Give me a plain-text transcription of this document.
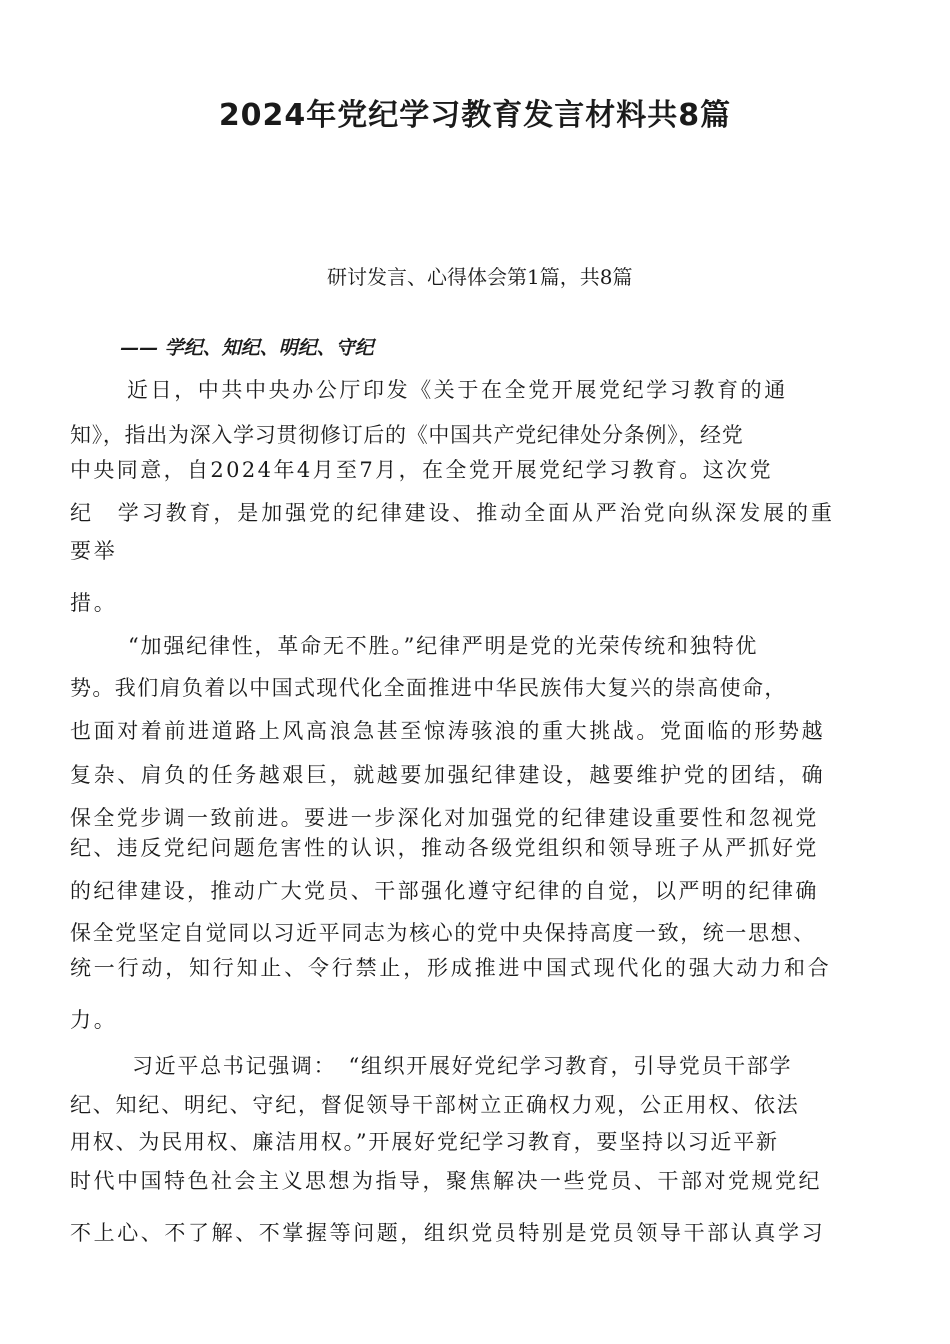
2024年党纪学习教育发言材料共8篇
研讨发言、心得体会第1篇，共8篇
—— 学纪、知纪、明纪、守纪
近日，中共中央办公厅印发《关于在全党开展党纪学习教育的通
知》，指出为深入学习贯彻修订后的《中国共产党纪律处分条例》，经党
中央同意，自2024年4月至7月，在全党开展党纪学习教育。这次党
纪　学习教育，是加强党的纪律建设、推动全面从严治党向纵深发展的重
要举
措。
“加强纪律性，革命无不胜。”纪律严明是党的光荣传统和独特优
势。我们肩负着以中国式现代化全面推进中华民族伟大复兴的崇高使命，
也面对着前进道路上风高浪急甚至惊涛骇浪的重大挑战。党面临的形势越
复杂、肩负的任务越艰巨，就越要加强纪律建设，越要维护党的团结，确
保全党步调一致前进。要进一步深化对加强党的纪律建设重要性和忽视党
纪、违反党纪问题危害性的认识，推动各级党组织和领导班子从严抓好党
的纪律建设，推动广大党员、干部强化遵守纪律的自觉，以严明的纪律确
保全党坚定自觉同以习近平同志为核心的党中央保持高度一致，统一思想、
统一行动，知行知止、令行禁止，形成推进中国式现代化的强大动力和合
力。
习近平总书记强调：　“组织开展好党纪学习教育，引导党员干部学
纪、知纪、明纪、守纪，督促领导干部树立正确权力观，公正用权、依法
用权、为民用权、廉洁用权。”开展好党纪学习教育，要坚持以习近平新
时代中国特色社会主义思想为指导，聚焦解决一些党员、干部对党规党纪
不上心、不了解、不掌握等问题，组织党员特别是党员领导干部认真学习
